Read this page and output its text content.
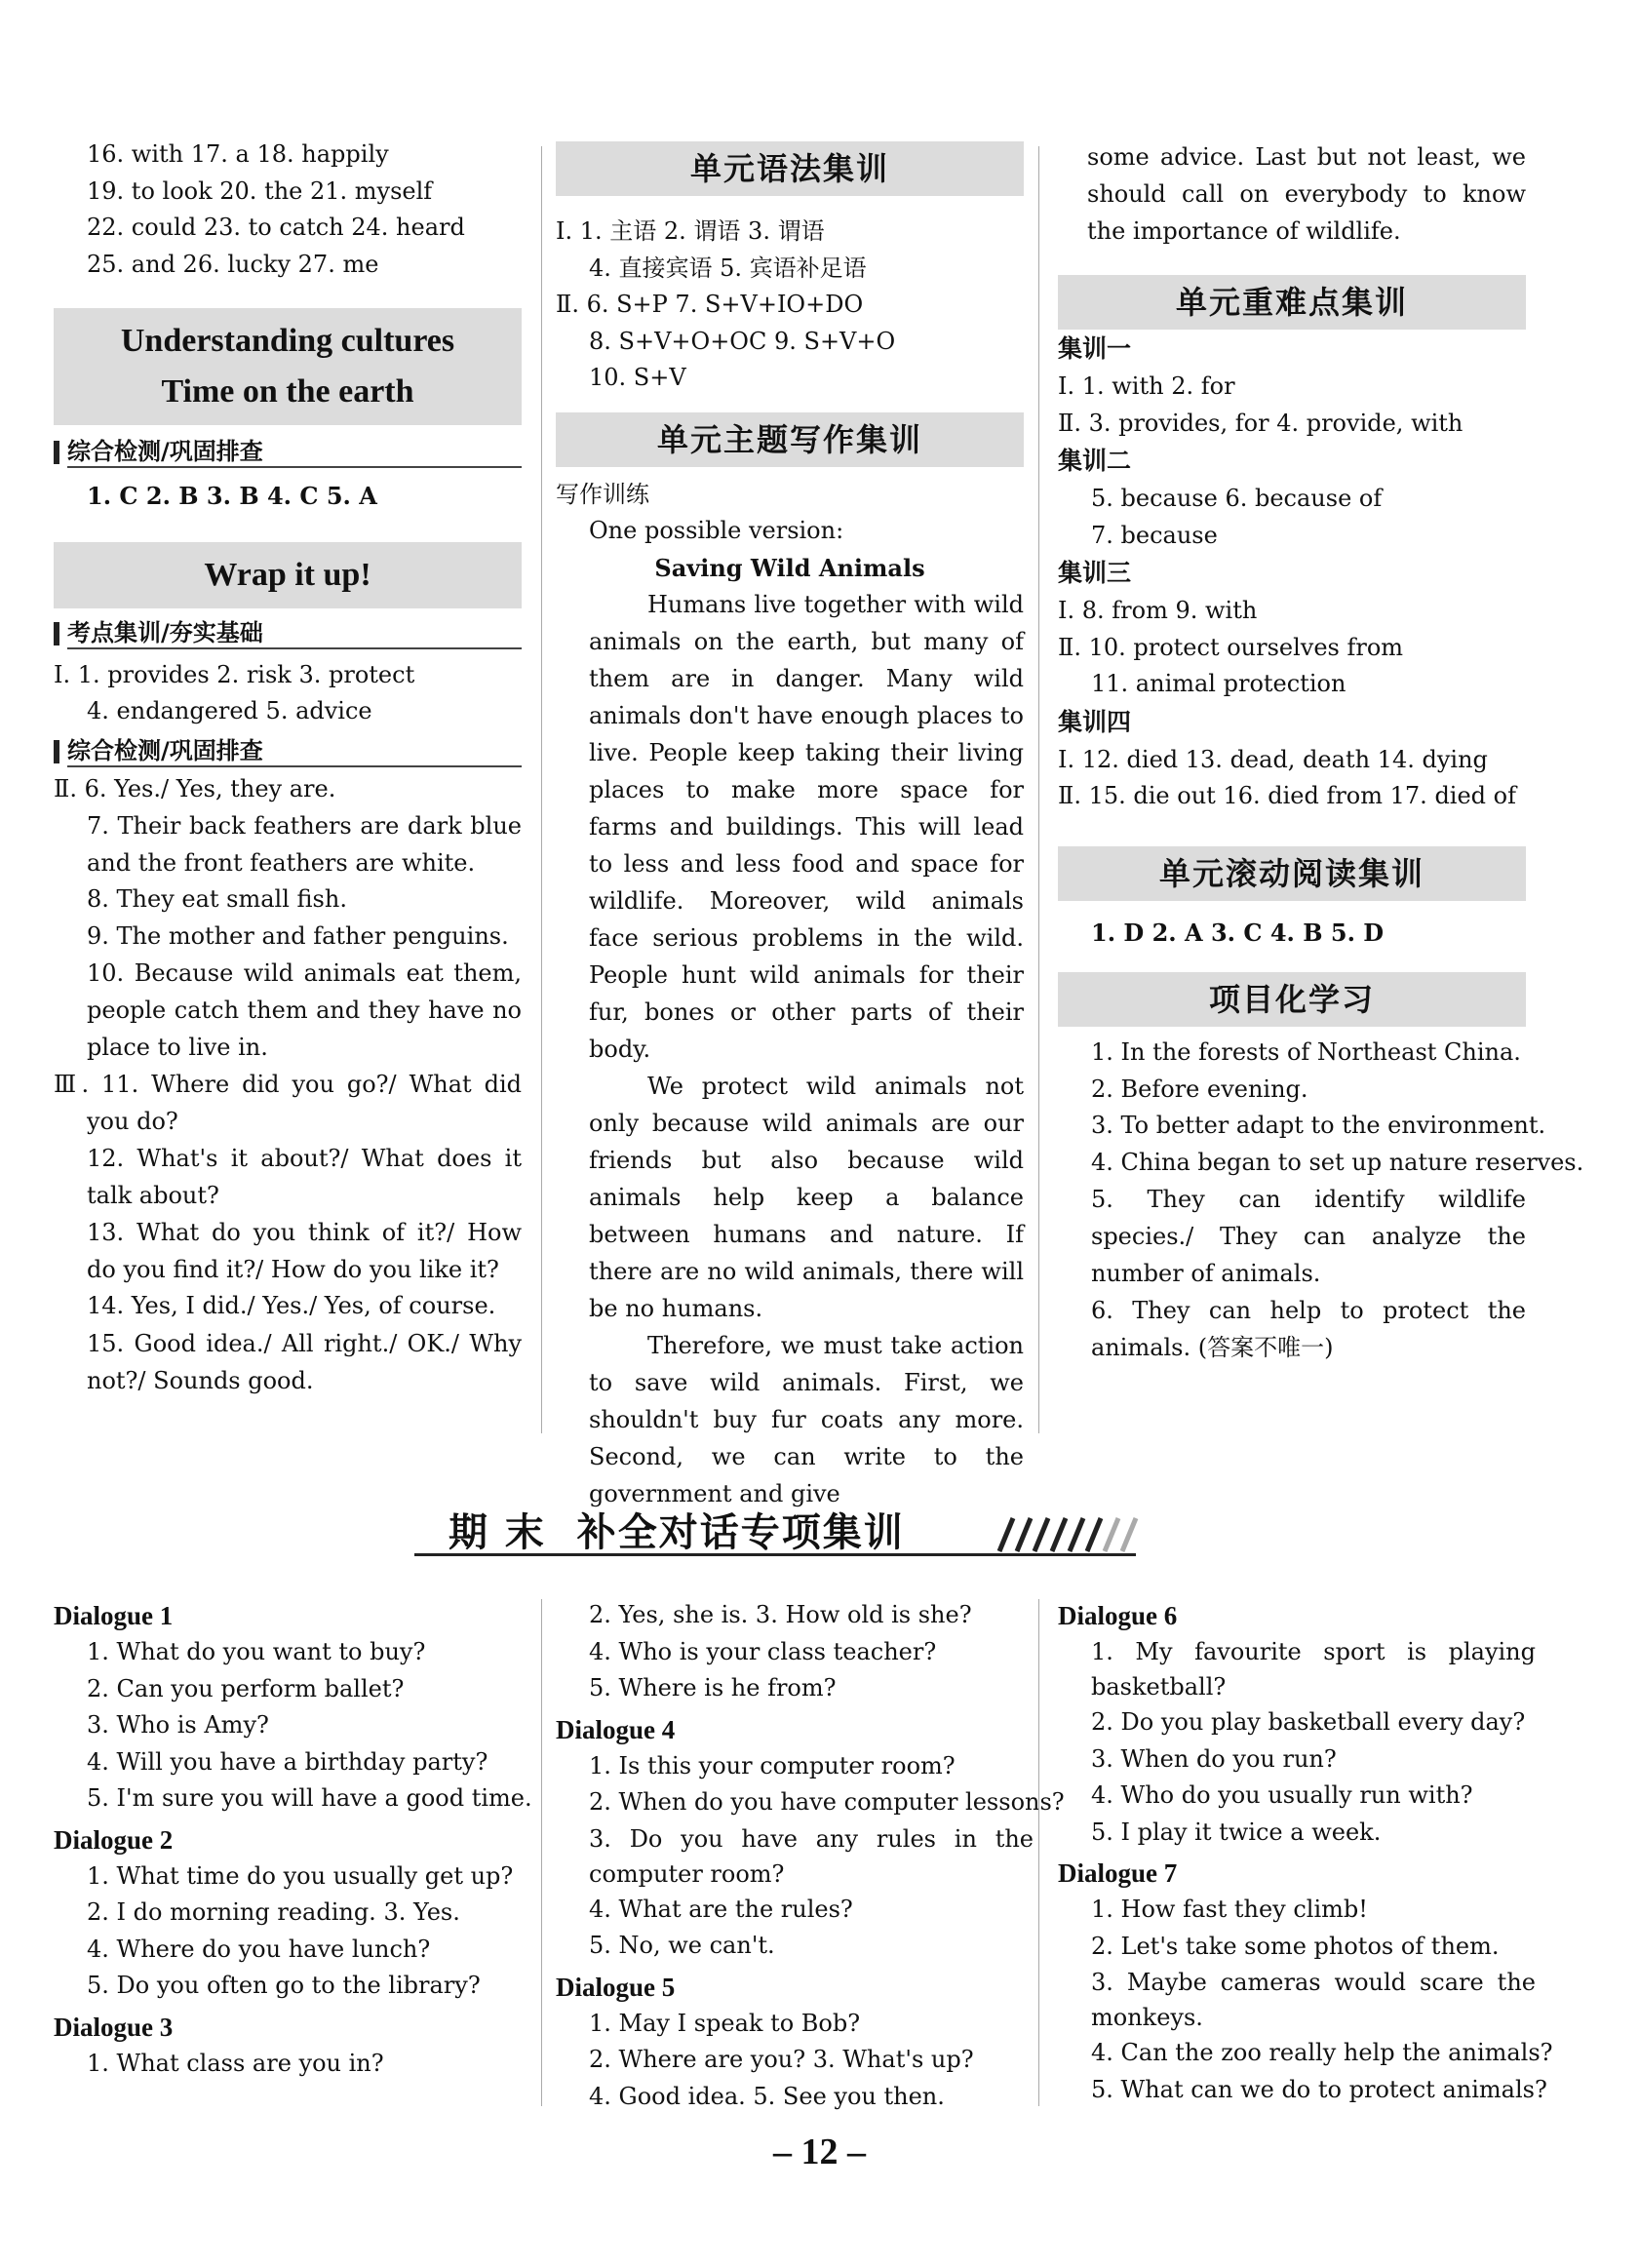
16. with 17. a 18. happily
19. to look 20. the 21. myself
22. could 23. to catch 24. heard
25. and 26. lucky 27. me
Understanding cultures
Time on the earth
综合检测/巩固排查
1. C 2. B 3. B 4. C 5. A
Wrap it up!
考点集训/夯实基础
Ⅰ. 1. provides 2. risk 3. protect
4. endangered 5. advice
综合检测/巩固排查
Ⅱ. 6. Yes./ Yes, they are.
7. Their back feathers are dark blue and the front feathers are white.
8. They eat small fish.
9. The mother and father penguins.
10. Because wild animals eat them, people catch them and they have no place to live in.
Ⅲ. 11. Where did you go?/ What did you do?
12. What's it about?/ What does it talk about?
13. What do you think of it?/ How do you find it?/ How do you like it?
14. Yes, I did./ Yes./ Yes, of course.
15. Good idea./ All right./ OK./ Why not?/ Sounds good.
单元语法集训
Ⅰ. 1. 主语 2. 谓语 3. 谓语
4. 直接宾语 5. 宾语补足语
Ⅱ. 6. S+P 7. S+V+IO+DO
8. S+V+O+OC 9. S+V+O
10. S+V
单元主题写作集训
写作训练
One possible version:
Saving Wild Animals
Humans live together with wild animals on the earth, but many of them are in danger. Many wild animals don't have enough places to live. People keep taking their living places to make more space for farms and buildings. This will lead to less and less food and space for wildlife. Moreover, wild animals face serious problems in the wild. People hunt wild animals for their fur, bones or other parts of their body.
We protect wild animals not only because wild animals are our friends but also because wild animals help keep a balance between humans and nature. If there are no wild animals, there will be no humans.
Therefore, we must take action to save wild animals. First, we shouldn't buy fur coats any more. Second, we can write to the government and give
some advice. Last but not least, we should call on everybody to know the importance of wildlife.
单元重难点集训
集训一
Ⅰ. 1. with 2. for
Ⅱ. 3. provides, for 4. provide, with
集训二
5. because 6. because of
7. because
集训三
Ⅰ. 8. from 9. with
Ⅱ. 10. protect ourselves from
11. animal protection
集训四
Ⅰ. 12. died 13. dead, death 14. dying
Ⅱ. 15. die out 16. died from 17. died of
单元滚动阅读集训
1. D 2. A 3. C 4. B 5. D
项目化学习
1. In the forests of Northeast China.
2. Before evening.
3. To better adapt to the environment.
4. China began to set up nature reserves.
5. They can identify wildlife species./ They can analyze the number of animals.
6. They can help to protect the animals. (答案不唯一)
期 末  补全对话专项集训
Dialogue 1
1. What do you want to buy?
2. Can you perform ballet?
3. Who is Amy?
4. Will you have a birthday party?
5. I'm sure you will have a good time.
Dialogue 2
1. What time do you usually get up?
2. I do morning reading. 3. Yes.
4. Where do you have lunch?
5. Do you often go to the library?
Dialogue 3
1. What class are you in?
2. Yes, she is. 3. How old is she?
4. Who is your class teacher?
5. Where is he from?
Dialogue 4
1. Is this your computer room?
2. When do you have computer lessons?
3. Do you have any rules in the computer room?
4. What are the rules?
5. No, we can't.
Dialogue 5
1. May I speak to Bob?
2. Where are you? 3. What's up?
4. Good idea. 5. See you then.
Dialogue 6
1. My favourite sport is playing basketball?
2. Do you play basketball every day?
3. When do you run?
4. Who do you usually run with?
5. I play it twice a week.
Dialogue 7
1. How fast they climb!
2. Let's take some photos of them.
3. Maybe cameras would scare the monkeys.
4. Can the zoo really help the animals?
5. What can we do to protect animals?
– 12 –
